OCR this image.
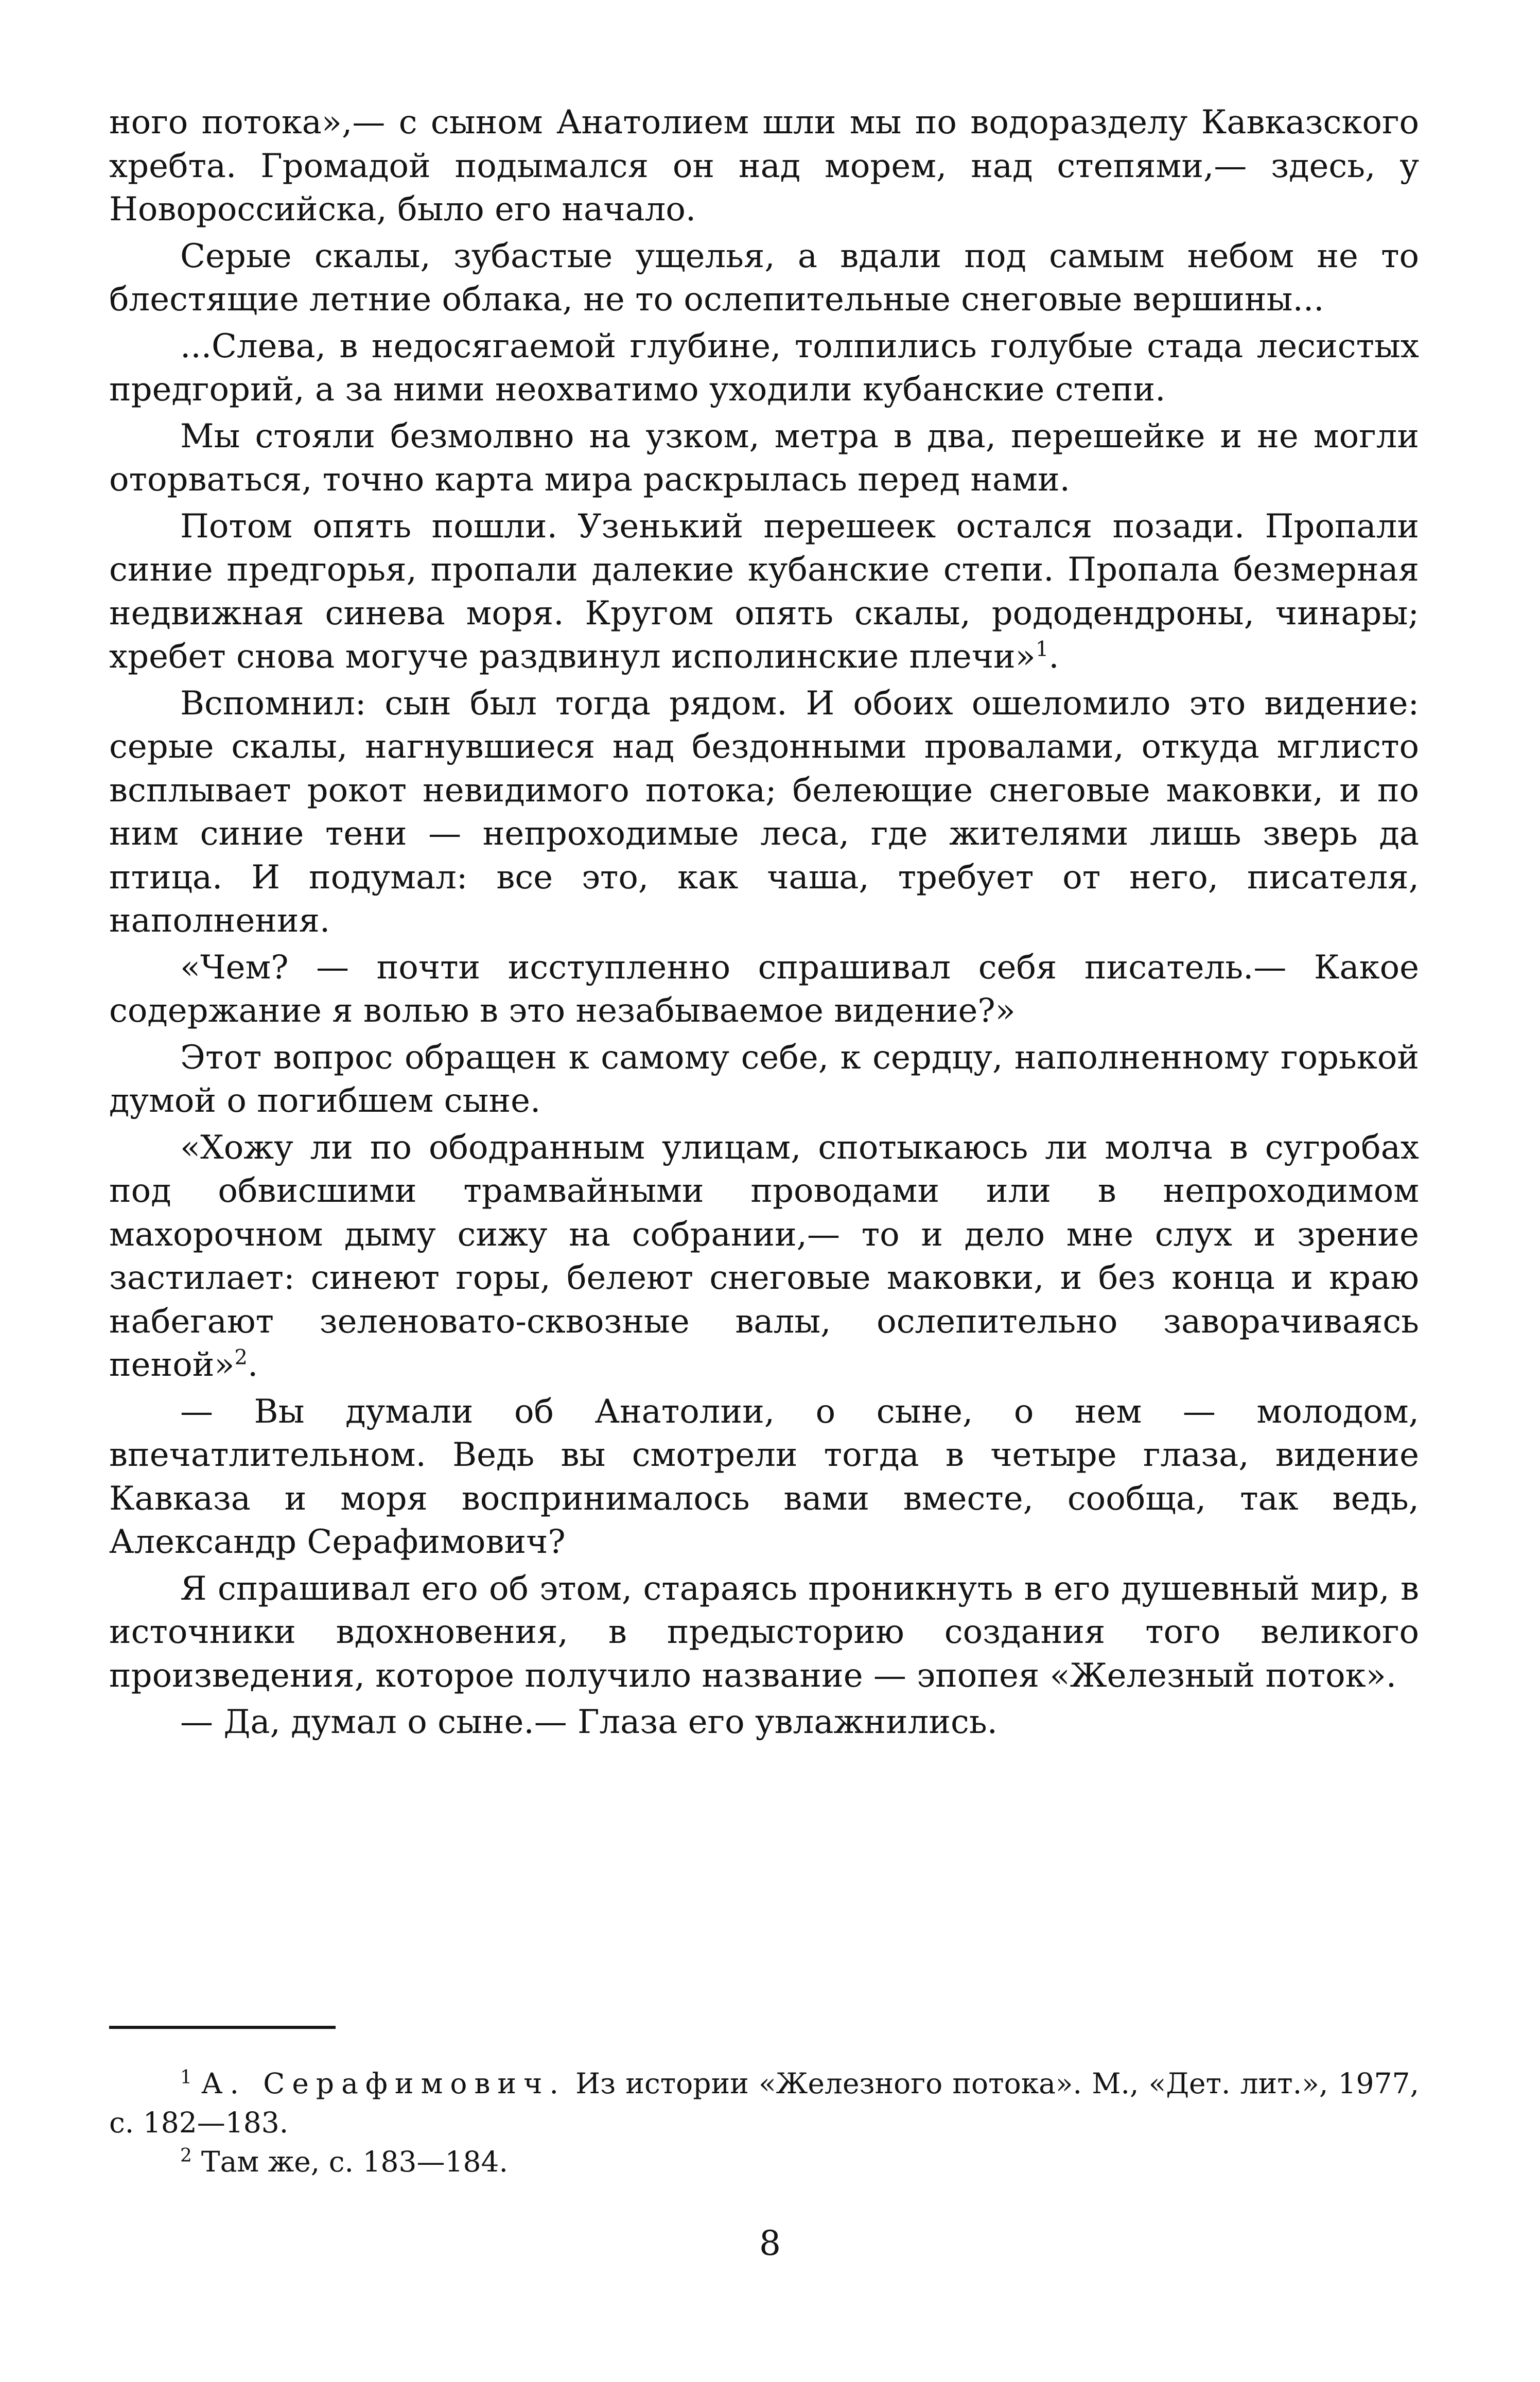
ного потока»,— с сыном Анатолием шли мы по водоразделу Кавказского хребта. Громадой подымался он над морем, над степями,— здесь, у Новороссийска, было его начало.

Серые скалы, зубастые ущелья, а вдали под самым небом не то блестящие летние облака, не то ослепительные снеговые вершины...

...Слева, в недосягаемой глубине, толпились голубые стада лесистых предгорий, а за ними неохватимо уходили кубанские степи.

Мы стояли безмолвно на узком, метра в два, перешейке и не могли оторваться, точно карта мира раскрылась перед нами.

Потом опять пошли. Узенький перешеек остался позади. Пропали синие предгорья, пропали далекие кубанские степи. Пропала безмерная недвижная синева моря. Кругом опять скалы, рододендроны, чинары; хребет снова могуче раздвинул исполинские плечи»$^1$.

Вспомнил: сын был тогда рядом. И обоих ошеломило это видение: серые скалы, нагнувшиеся над бездонными провалами, откуда мглисто всплывает рокот невидимого потока; белеющие снеговые маковки, и по ним синие тени — непроходимые леса, где жителями лишь зверь да птица. И подумал: все это, как чаша, требует от него, писателя, наполнения.

«Чем? — почти исступленно спрашивал себя писатель.— Какое содержание я волью в это незабываемое видение?»

Этот вопрос обращен к самому себе, к сердцу, наполненному горькой думой о погибшем сыне.

«Хожу ли по ободранным улицам, спотыкаюсь ли молча в сугробах под обвисшими трамвайными проводами или в непроходимом махорочном дыму сижу на собрании,— то и дело мне слух и зрение застилает: синеют горы, белеют снеговые маковки, и без конца и краю набегают зеленовато-сквозные валы, ослепительно заворачиваясь пеной»$^2$.

— Вы думали об Анатолии, о сыне, о нем — молодом, впечатлительном. Ведь вы смотрели тогда в четыре глаза, видение Кавказа и моря воспринималось вами вместе, сообща, так ведь, Александр Серафимович?

Я спрашивал его об этом, стараясь проникнуть в его душевный мир, в источники вдохновения, в предысторию создания того великого произведения, которое получило название — эпопея «Железный поток».

— Да, думал о сыне.— Глаза его увлажнились.

$^1$ А. Серафимович. Из истории «Железного потока». М., «Дет. лит.», 1977, с. 182—183.

$^2$ Там же, с. 183—184.

8
